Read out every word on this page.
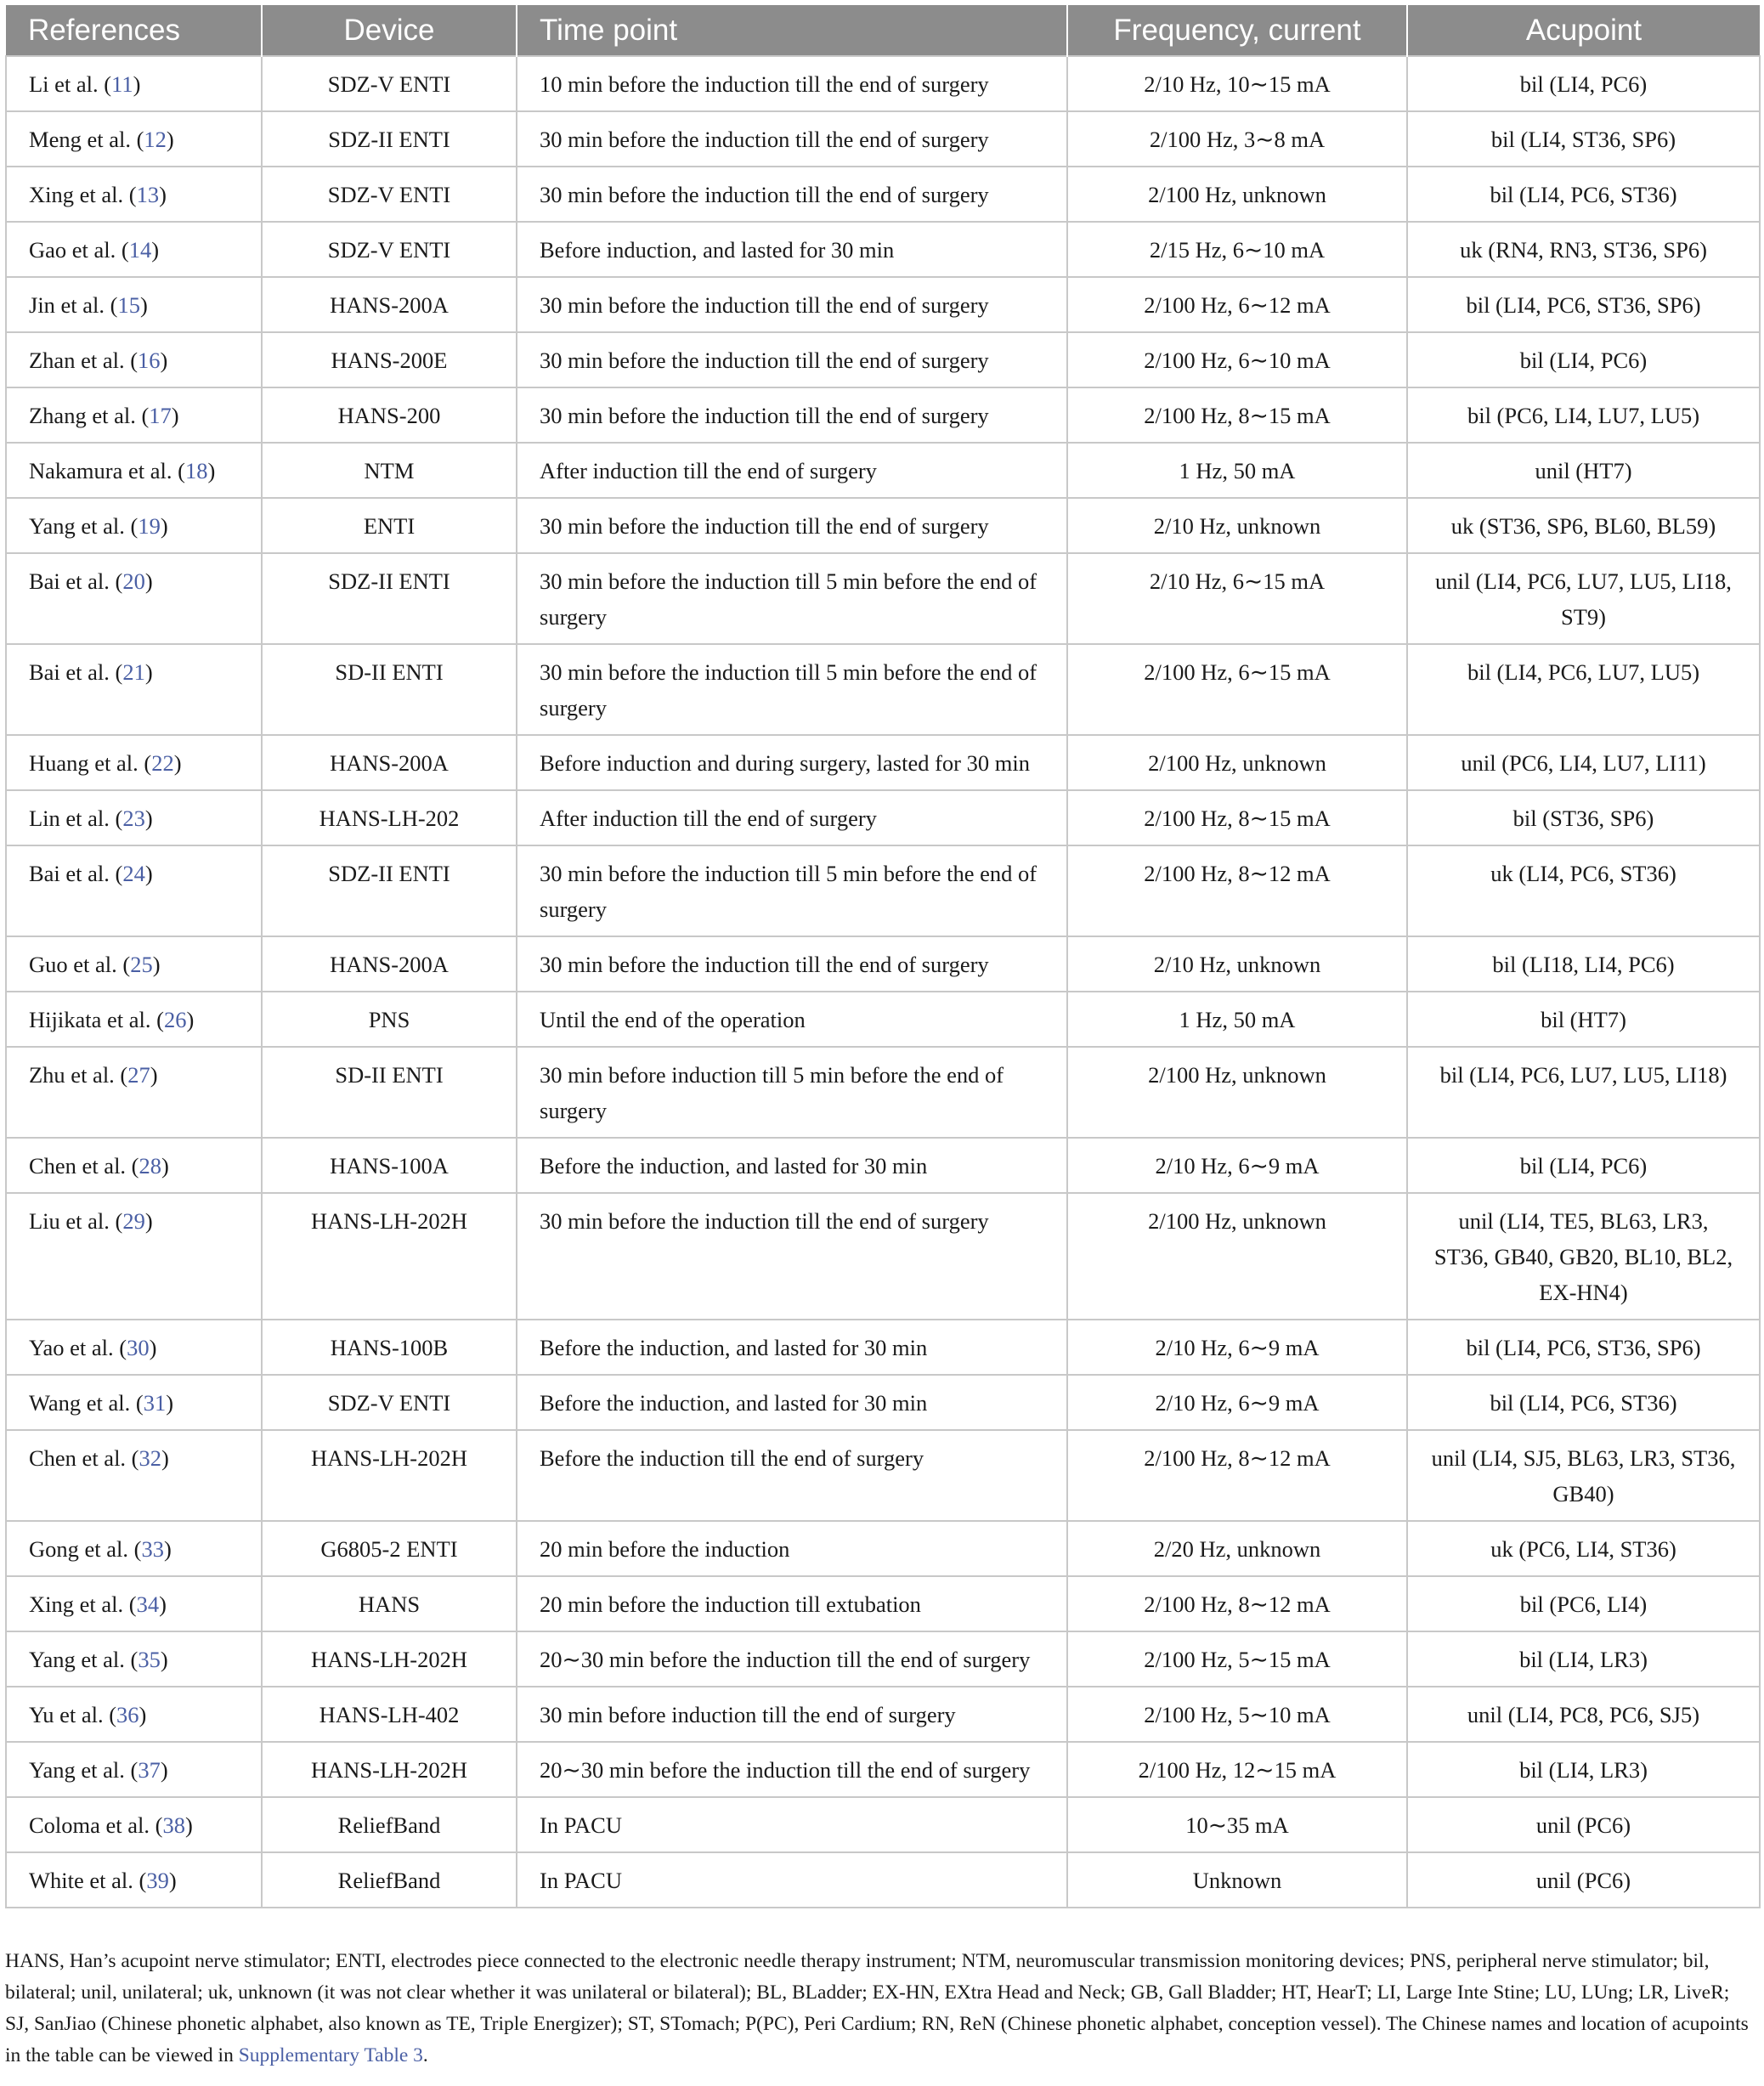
References	Device	Time point	Frequency, current	Acupoint
Li et al. (11)	SDZ-V ENTI	10 min before the induction till the end of surgery	2/10 Hz, 10∼15 mA	bil (LI4, PC6)
Meng et al. (12)	SDZ-II ENTI	30 min before the induction till the end of surgery	2/100 Hz, 3∼8 mA	bil (LI4, ST36, SP6)
Xing et al. (13)	SDZ-V ENTI	30 min before the induction till the end of surgery	2/100 Hz, unknown	bil (LI4, PC6, ST36)
Gao et al. (14)	SDZ-V ENTI	Before induction, and lasted for 30 min	2/15 Hz, 6∼10 mA	uk (RN4, RN3, ST36, SP6)
Jin et al. (15)	HANS-200A	30 min before the induction till the end of surgery	2/100 Hz, 6∼12 mA	bil (LI4, PC6, ST36, SP6)
Zhan et al. (16)	HANS-200E	30 min before the induction till the end of surgery	2/100 Hz, 6∼10 mA	bil (LI4, PC6)
Zhang et al. (17)	HANS-200	30 min before the induction till the end of surgery	2/100 Hz, 8∼15 mA	bil (PC6, LI4, LU7, LU5)
Nakamura et al. (18)	NTM	After induction till the end of surgery	1 Hz, 50 mA	unil (HT7)
Yang et al. (19)	ENTI	30 min before the induction till the end of surgery	2/10 Hz, unknown	uk (ST36, SP6, BL60, BL59)
Bai et al. (20)	SDZ-II ENTI	30 min before the induction till 5 min before the end of surgery	2/10 Hz, 6∼15 mA	unil (LI4, PC6, LU7, LU5, LI18, ST9)
Bai et al. (21)	SD-II ENTI	30 min before the induction till 5 min before the end of surgery	2/100 Hz, 6∼15 mA	bil (LI4, PC6, LU7, LU5)
Huang et al. (22)	HANS-200A	Before induction and during surgery, lasted for 30 min	2/100 Hz, unknown	unil (PC6, LI4, LU7, LI11)
Lin et al. (23)	HANS-LH-202	After induction till the end of surgery	2/100 Hz, 8∼15 mA	bil (ST36, SP6)
Bai et al. (24)	SDZ-II ENTI	30 min before the induction till 5 min before the end of surgery	2/100 Hz, 8∼12 mA	uk (LI4, PC6, ST36)
Guo et al. (25)	HANS-200A	30 min before the induction till the end of surgery	2/10 Hz, unknown	bil (LI18, LI4, PC6)
Hijikata et al. (26)	PNS	Until the end of the operation	1 Hz, 50 mA	bil (HT7)
Zhu et al. (27)	SD-II ENTI	30 min before induction till 5 min before the end of surgery	2/100 Hz, unknown	bil (LI4, PC6, LU7, LU5, LI18)
Chen et al. (28)	HANS-100A	Before the induction, and lasted for 30 min	2/10 Hz, 6∼9 mA	bil (LI4, PC6)
Liu et al. (29)	HANS-LH-202H	30 min before the induction till the end of surgery	2/100 Hz, unknown	unil (LI4, TE5, BL63, LR3, ST36, GB40, GB20, BL10, BL2, EX-HN4)
Yao et al. (30)	HANS-100B	Before the induction, and lasted for 30 min	2/10 Hz, 6∼9 mA	bil (LI4, PC6, ST36, SP6)
Wang et al. (31)	SDZ-V ENTI	Before the induction, and lasted for 30 min	2/10 Hz, 6∼9 mA	bil (LI4, PC6, ST36)
Chen et al. (32)	HANS-LH-202H	Before the induction till the end of surgery	2/100 Hz, 8∼12 mA	unil (LI4, SJ5, BL63, LR3, ST36, GB40)
Gong et al. (33)	G6805-2 ENTI	20 min before the induction	2/20 Hz, unknown	uk (PC6, LI4, ST36)
Xing et al. (34)	HANS	20 min before the induction till extubation	2/100 Hz, 8∼12 mA	bil (PC6, LI4)
Yang et al. (35)	HANS-LH-202H	20∼30 min before the induction till the end of surgery	2/100 Hz, 5∼15 mA	bil (LI4, LR3)
Yu et al. (36)	HANS-LH-402	30 min before induction till the end of surgery	2/100 Hz, 5∼10 mA	unil (LI4, PC8, PC6, SJ5)
Yang et al. (37)	HANS-LH-202H	20∼30 min before the induction till the end of surgery	2/100 Hz, 12∼15 mA	bil (LI4, LR3)
Coloma et al. (38)	ReliefBand	In PACU	10∼35 mA	unil (PC6)
White et al. (39)	ReliefBand	In PACU	Unknown	unil (PC6)
HANS, Han’s acupoint nerve stimulator; ENTI, electrodes piece connected to the electronic needle therapy instrument; NTM, neuromuscular transmission monitoring devices; PNS, peripheral nerve stimulator; bil, bilateral; unil, unilateral; uk, unknown (it was not clear whether it was unilateral or bilateral); BL, BLadder; EX-HN, EXtra Head and Neck; GB, Gall Bladder; HT, HearT; LI, Large Inte Stine; LU, LUng; LR, LiveR; SJ, SanJiao (Chinese phonetic alphabet, also known as TE, Triple Energizer); ST, STomach; P(PC), Peri Cardium; RN, ReN (Chinese phonetic alphabet, conception vessel). The Chinese names and location of acupoints in the table can be viewed in Supplementary Table 3.
